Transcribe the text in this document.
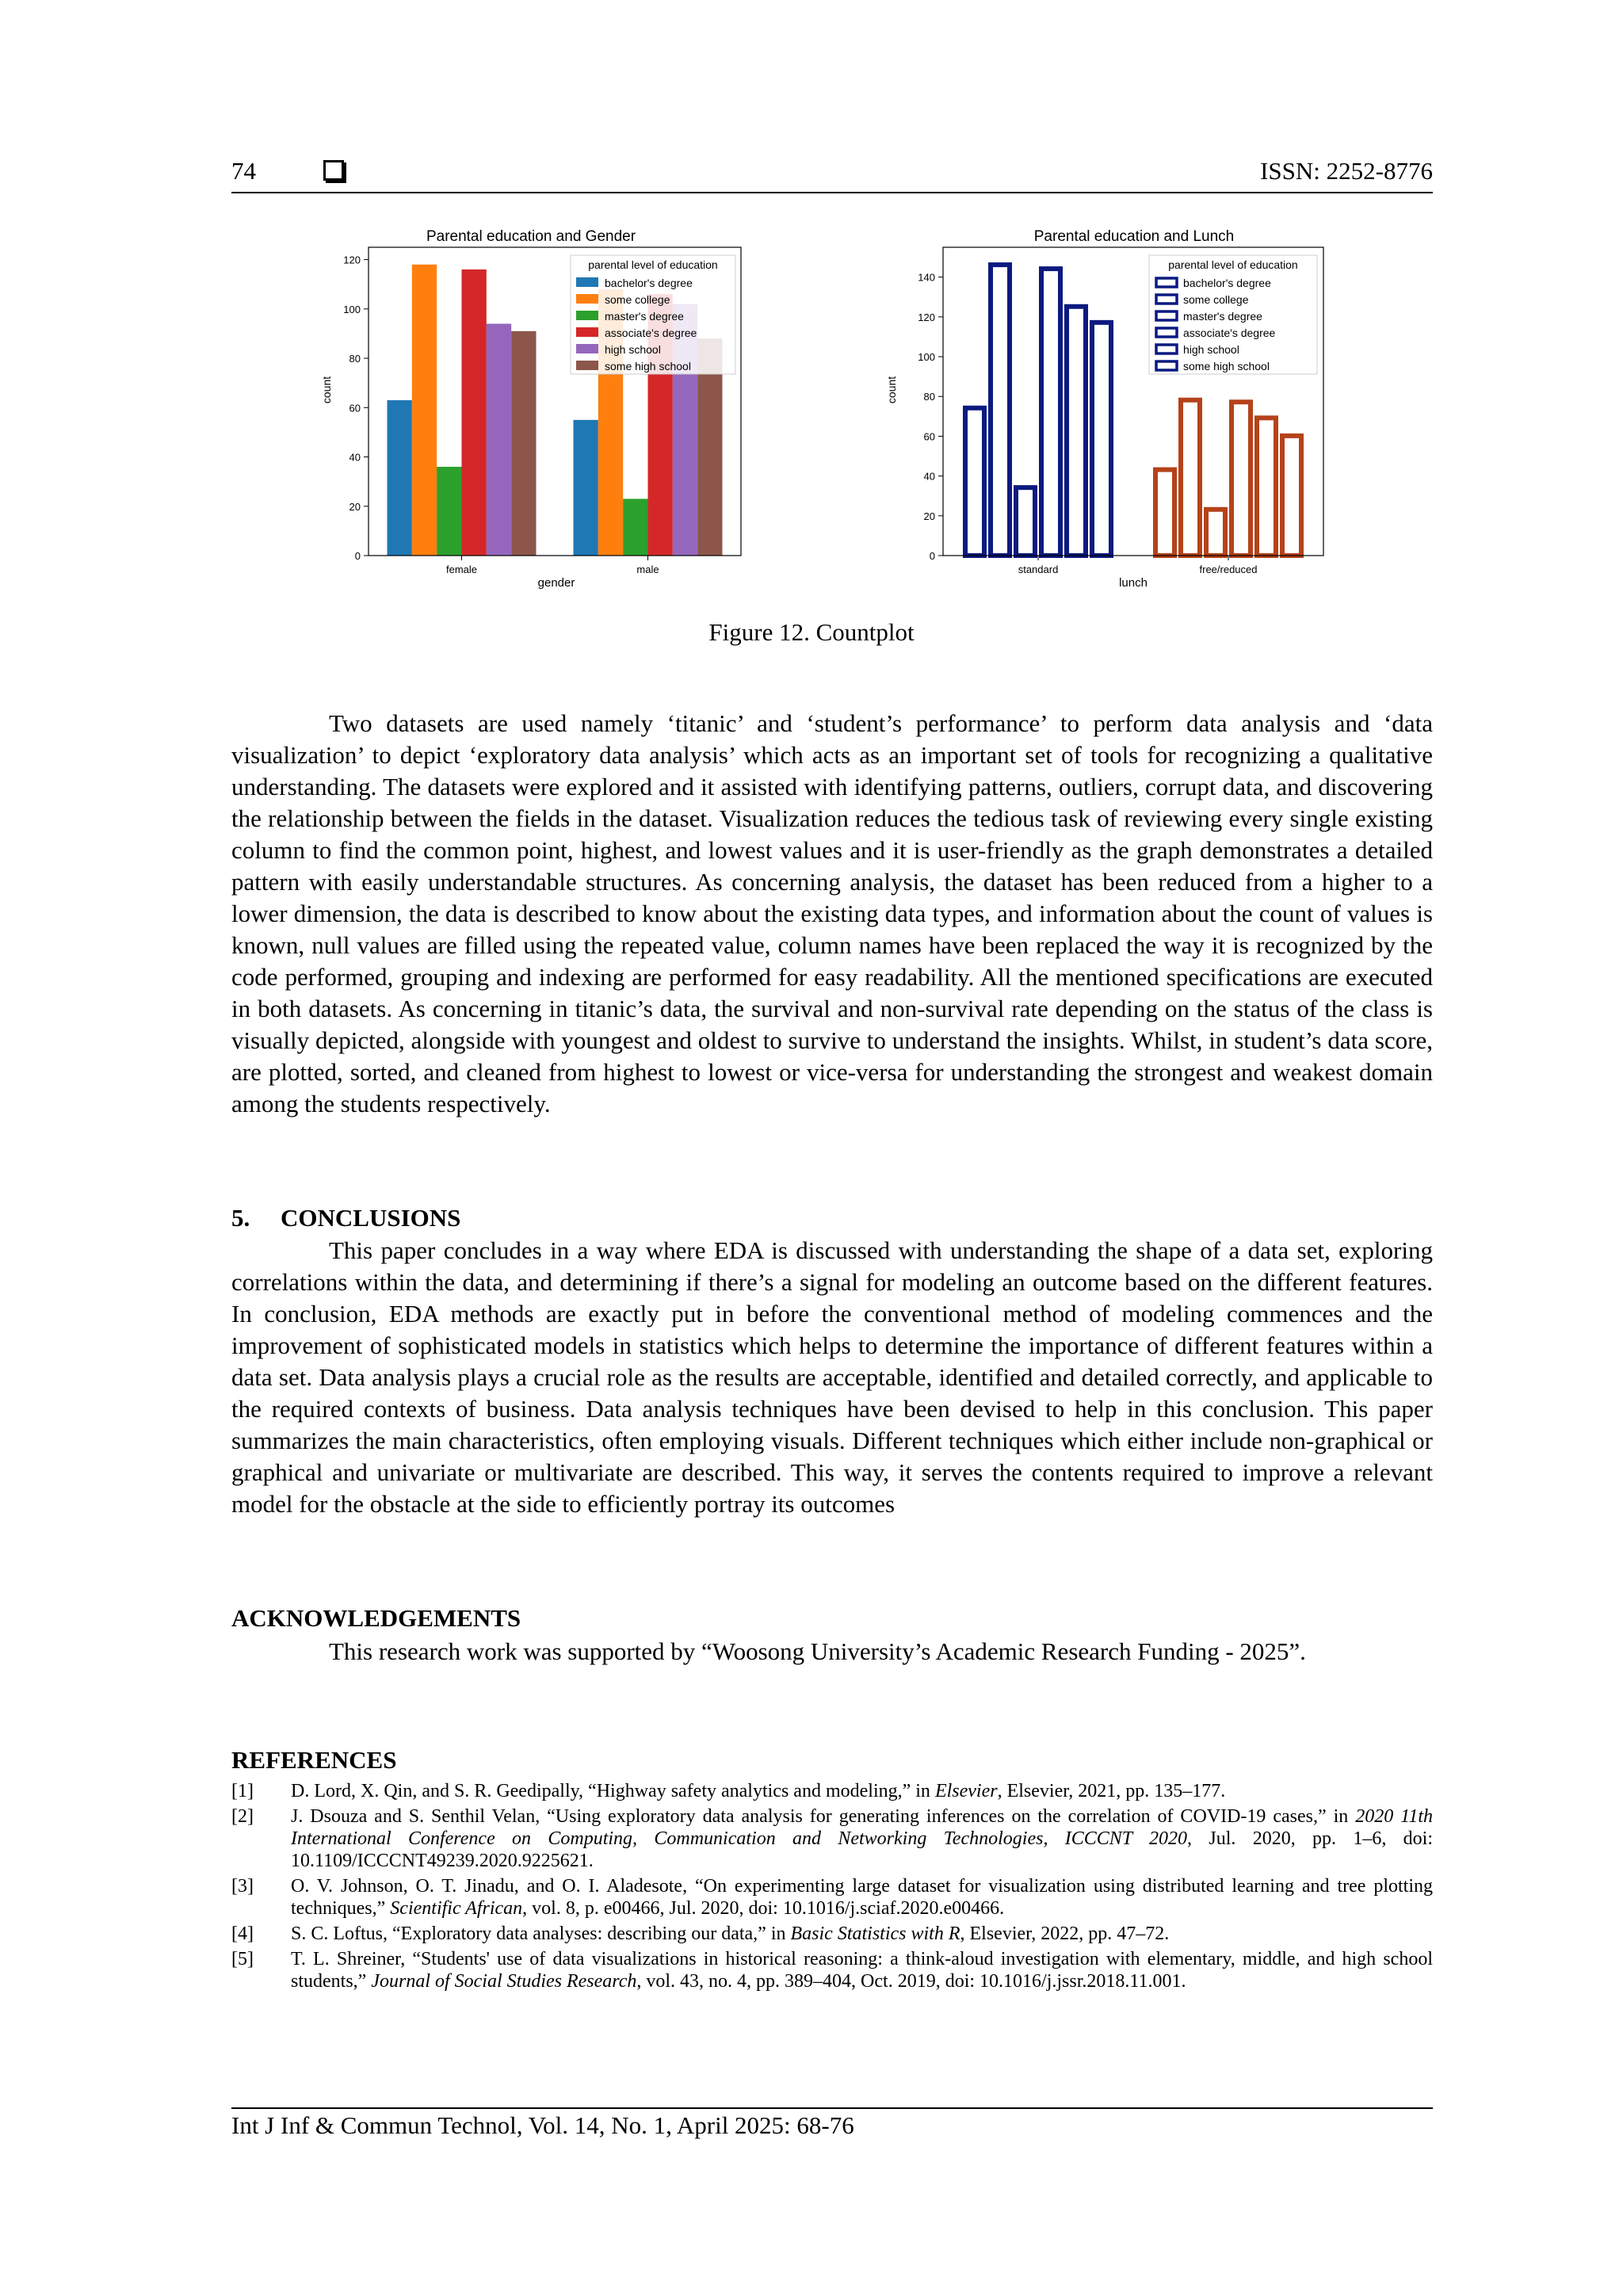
74	ISSN: 2252-8776
Parental education and Gender
gender
count
0
20
40
60
80
100
120
female	male
parental level of education
bachelor's degree
some college
master's degree
associate's degree
high school
some high school
Parental education and Lunch
lunch
count
0
20
40
60
80
100
120
140
standard	free/reduced
parental level of education
bachelor's degree
some college
master's degree
associate's degree
high school
some high school
Figure 12. Countplot

Two datasets are used namely ‘titanic’ and ‘student’s performance’ to perform data analysis and ‘data visualization’ to depict ‘exploratory data analysis’ which acts as an important set of tools for recognizing a qualitative understanding. The datasets were explored and it assisted with identifying patterns, outliers, corrupt data, and discovering the relationship between the fields in the dataset. Visualization reduces the tedious task of reviewing every single existing column to find the common point, highest, and lowest values and it is user-friendly as the graph demonstrates a detailed pattern with easily understandable structures. As concerning analysis, the dataset has been reduced from a higher to a lower dimension, the data is described to know about the existing data types, and information about the count of values is known, null values are filled using the repeated value, column names have been replaced the way it is recognized by the code performed, grouping and indexing are performed for easy readability. All the mentioned specifications are executed in both datasets. As concerning in titanic’s data, the survival and non-survival rate depending on the status of the class is visually depicted, alongside with youngest and oldest to survive to understand the insights. Whilst, in student’s data score, are plotted, sorted, and cleaned from highest to lowest or vice-versa for understanding the strongest and weakest domain among the students respectively.

5.     CONCLUSIONS

This paper concludes in a way where EDA is discussed with understanding the shape of a data set, exploring correlations within the data, and determining if there’s a signal for modeling an outcome based on the different features. In conclusion, EDA methods are exactly put in before the conventional method of modeling commences and the improvement of sophisticated models in statistics which helps to determine the importance of different features within a data set. Data analysis plays a crucial role as the results are acceptable, identified and detailed correctly, and applicable to the required contexts of business. Data analysis techniques have been devised to help in this conclusion. This paper summarizes the main characteristics, often employing visuals. Different techniques which either include non-graphical or graphical and univariate or multivariate are described. This way, it serves the contents required to improve a relevant model for the obstacle at the side to efficiently portray its outcomes

ACKNOWLEDGEMENTS

This research work was supported by “Woosong University’s Academic Research Funding - 2025”.

REFERENCES

[1] D. Lord, X. Qin, and S. R. Geedipally, “Highway safety analytics and modeling,” in Elsevier, Elsevier, 2021, pp. 135–177.
[2] J. Dsouza and S. Senthil Velan, “Using exploratory data analysis for generating inferences on the correlation of COVID-19 cases,” in 2020 11th International Conference on Computing, Communication and Networking Technologies, ICCCNT 2020, Jul. 2020, pp. 1–6, doi: 10.1109/ICCCNT49239.2020.9225621.
[3] O. V. Johnson, O. T. Jinadu, and O. I. Aladesote, “On experimenting large dataset for visualization using distributed learning and tree plotting techniques,” Scientific African, vol. 8, p. e00466, Jul. 2020, doi: 10.1016/j.sciaf.2020.e00466.
[4] S. C. Loftus, “Exploratory data analyses: describing our data,” in Basic Statistics with R, Elsevier, 2022, pp. 47–72.
[5] T. L. Shreiner, “Students' use of data visualizations in historical reasoning: a think-aloud investigation with elementary, middle, and high school students,” Journal of Social Studies Research, vol. 43, no. 4, pp. 389–404, Oct. 2019, doi: 10.1016/j.jssr.2018.11.001.
Int J Inf & Commun Technol, Vol. 14, No. 1, April 2025: 68-76
